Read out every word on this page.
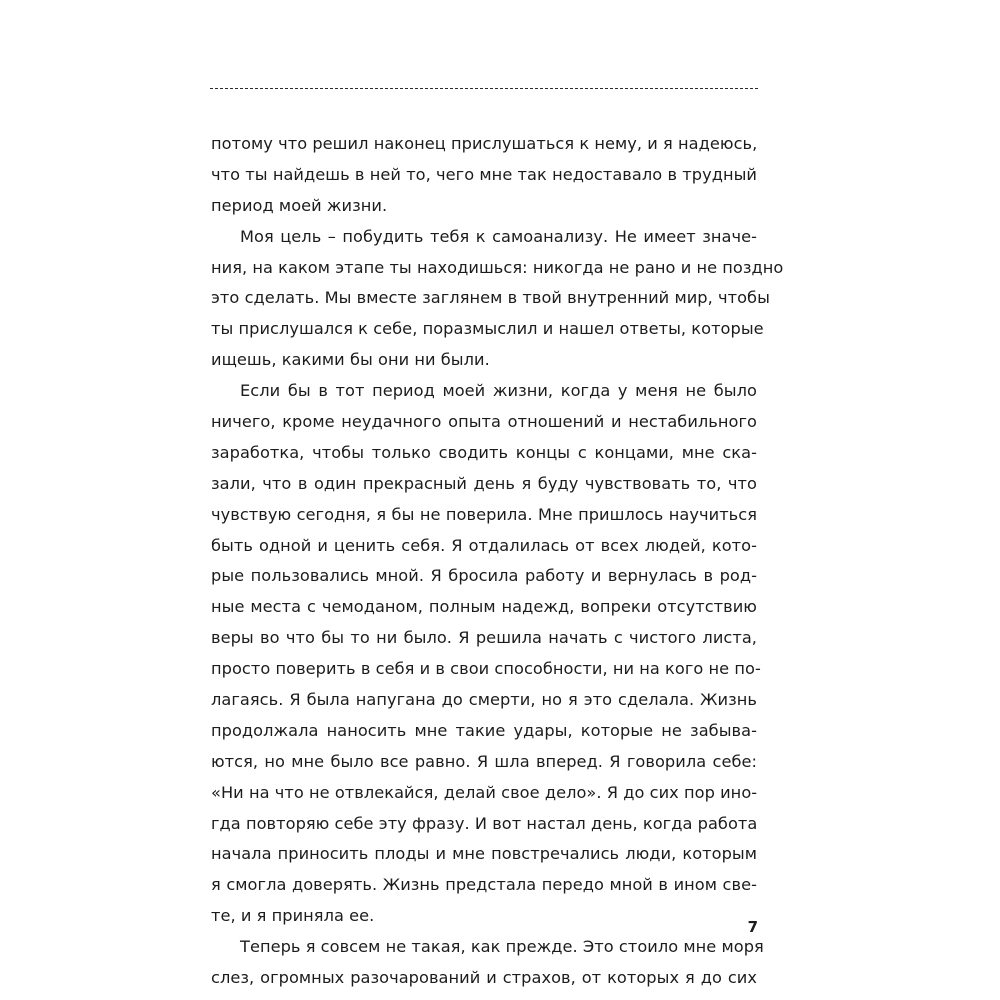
потому что решил наконец прислушаться к нему, и я надеюсь,
что ты найдешь в ней то, чего мне так недоставало в трудный
период моей жизни.
Моя цель – побудить тебя к самоанализу. Не имеет значе-
ния, на каком этапе ты находишься: никогда не рано и не поздно
это сделать. Мы вместе заглянем в твой внутренний мир, чтобы
ты прислушался к себе, поразмыслил и нашел ответы, которые
ищешь, какими бы они ни были.
Если бы в тот период моей жизни, когда у меня не было
ничего, кроме неудачного опыта отношений и нестабильного
заработка, чтобы только сводить концы с концами, мне ска-
зали, что в один прекрасный день я буду чувствовать то, что
чувствую сегодня, я бы не поверила. Мне пришлось научиться
быть одной и ценить себя. Я отдалилась от всех людей, кото-
рые пользовались мной. Я бросила работу и вернулась в род-
ные места с чемоданом, полным надежд, вопреки отсутствию
веры во что бы то ни было. Я решила начать с чистого листа,
просто поверить в себя и в свои способности, ни на кого не по-
лагаясь. Я была напугана до смерти, но я это сделала. Жизнь
продолжала наносить мне такие удары, которые не забыва-
ются, но мне было все равно. Я шла вперед. Я говорила себе:
«Ни на что не отвлекайся, делай свое дело». Я до сих пор ино-
гда повторяю себе эту фразу. И вот настал день, когда работа
начала приносить плоды и мне повстречались люди, которым
я смогла доверять. Жизнь предстала передо мной в ином све-
те, и я приняла ее.
Теперь я совсем не такая, как прежде. Это стоило мне моря
слез, огромных разочарований и страхов, от которых я до сих
7
